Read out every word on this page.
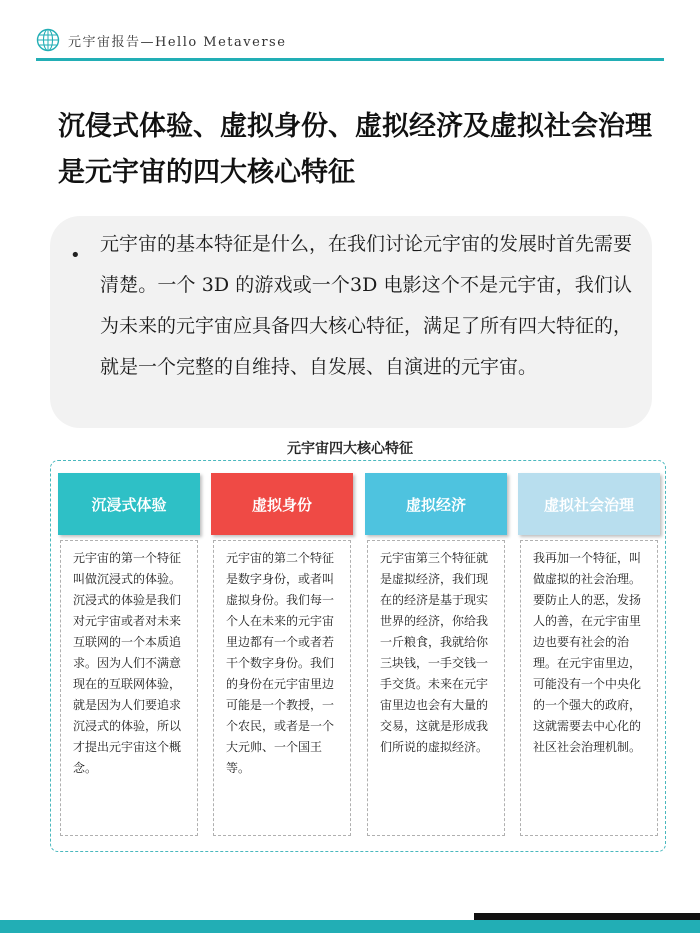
元宇宙报告—Hello Metaverse
沉侵式体验、虚拟身份、虚拟经济及虚拟社会治理是元宇宙的四大核心特征
•

元宇宙的基本特征是什么，在我们讨论元宇宙的发展时首先需要清楚。一个 3D 的游戏或一个3D 电影这个不是元宇宙，我们认为未来的元宇宙应具备四大核心特征，满足了所有四大特征的，就是一个完整的自维持、自发展、自演进的元宇宙。

元宇宙四大核心特征
沉浸式体验	虚拟身份	虚拟经济	虚拟社会治理

元宇宙的第一个特征叫做沉浸式的体验。沉浸式的体验是我们对元宇宙或者对未来互联网的一个本质追求。因为人们不满意现在的互联网体验，就是因为人们要追求沉浸式的体验，所以才提出元宇宙这个概念。

元宇宙的第二个特征是数字身份，或者叫虚拟身份。我们每一个人在未来的元宇宙里边都有一个或者若干个数字身份。我们的身份在元宇宙里边可能是一个教授，一个农民，或者是一个大元帅、一个国王等。

元宇宙第三个特征就是虚拟经济，我们现在的经济是基于现实世界的经济，你给我一斤粮食，我就给你三块钱，一手交钱一手交货。未来在元宇宙里边也会有大量的交易，这就是形成我们所说的虚拟经济。

我再加一个特征，叫做虚拟的社会治理。要防止人的恶，发扬人的善，在元宇宙里边也要有社会的治理。在元宇宙里边，可能没有一个中央化的一个强大的政府，这就需要去中心化的社区社会治理机制。
